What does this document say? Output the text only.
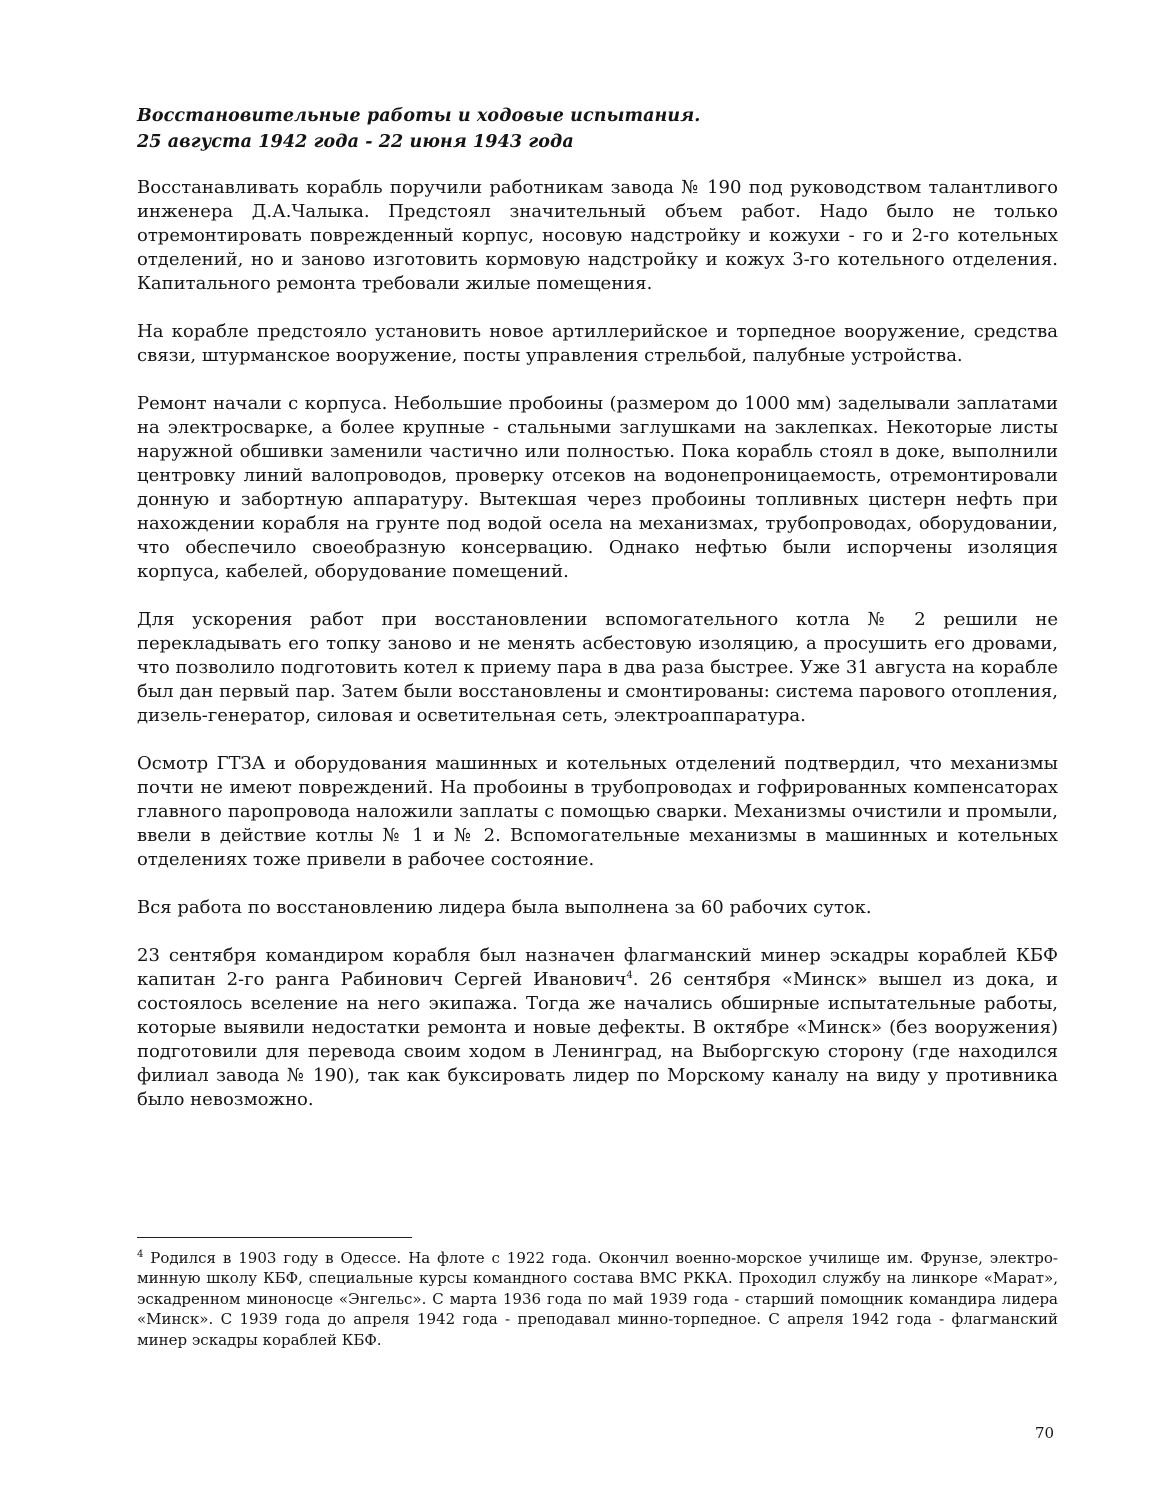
Восстановительные работы и ходовые испытания.
25 августа 1942 года - 22 июня 1943 года

Восстанавливать корабль поручили работникам завода № 190 под руководством талантливого инженера Д.А.Чалыка. Предстоял значительный объем работ. Надо было не только отремонтировать поврежденный корпус, носовую надстройку и кожухи - го и 2-го котельных отделений, но и заново изготовить кормовую надстройку и кожух 3-го котельного отделения. Капитального ремонта требовали жилые помещения.

На корабле предстояло установить новое артиллерийское и торпедное вооружение, средства связи, штурманское вооружение, посты управления стрельбой, палубные устройства.

Ремонт начали с корпуса. Небольшие пробоины (размером до 1000 мм) заделывали заплатами на электросварке, а более крупные - стальными заглушками на заклепках. Некоторые листы наружной обшивки заменили частично или полностью. Пока корабль стоял в доке, выполнили центровку линий валопроводов, проверку отсеков на водонепроницаемость, отремонтировали донную и забортную аппаратуру. Вытекшая через пробоины топливных цистерн нефть при нахождении корабля на грунте под водой осела на механизмах, трубопроводах, оборудовании, что обеспечило своеобразную консервацию. Однако нефтью были испорчены изоляция корпуса, кабелей, оборудование помещений.

Для ускорения работ при восстановлении вспомогательного котла № 2 решили не перекладывать его топку заново и не менять асбестовую изоляцию, а просушить его дровами, что позволило подготовить котел к приему пара в два раза быстрее. Уже 31 августа на корабле был дан первый пар. Затем были восстановлены и смонтированы: система парового отопления, дизель-генератор, силовая и осветительная сеть, электроаппаратура.

Осмотр ГТЗА и оборудования машинных и котельных отделений подтвердил, что механизмы почти не имеют повреждений. На пробоины в трубопроводах и гофрированных компенсаторах главного паропровода наложили заплаты с помощью сварки. Механизмы очистили и промыли, ввели в действие котлы № 1 и № 2. Вспомогательные механизмы в машинных и котельных отделениях тоже привели в рабочее состояние.

Вся работа по восстановлению лидера была выполнена за 60 рабочих суток.

23 сентября командиром корабля был назначен флагманский минер эскадры кораблей КБФ капитан 2-го ранга Рабинович Сергей Иванович$^4$. 26 сентября «Минск» вышел из дока, и состоялось вселение на него экипажа. Тогда же начались обширные испытательные работы, которые выявили недостатки ремонта и новые дефекты. В октябре «Минск» (без вооружения) подготовили для перевода своим ходом в Ленинград, на Выборгскую сторону (где находился филиал завода № 190), так как буксировать лидер по Морскому каналу на виду у противника было невозможно.

$^4$ Родился в 1903 году в Одессе. На флоте с 1922 года. Окончил военно-морское училище им. Фрунзе, электро-минную школу КБФ, специальные курсы командного состава ВМС РККА. Проходил службу на линкоре «Марат», эскадренном миноносце «Энгельс». С марта 1936 года по май 1939 года - старший помощник командира лидера «Минск». С 1939 года до апреля 1942 года - преподавал минно-торпедное. С апреля 1942 года - флагманский минер эскадры кораблей КБФ.
70
